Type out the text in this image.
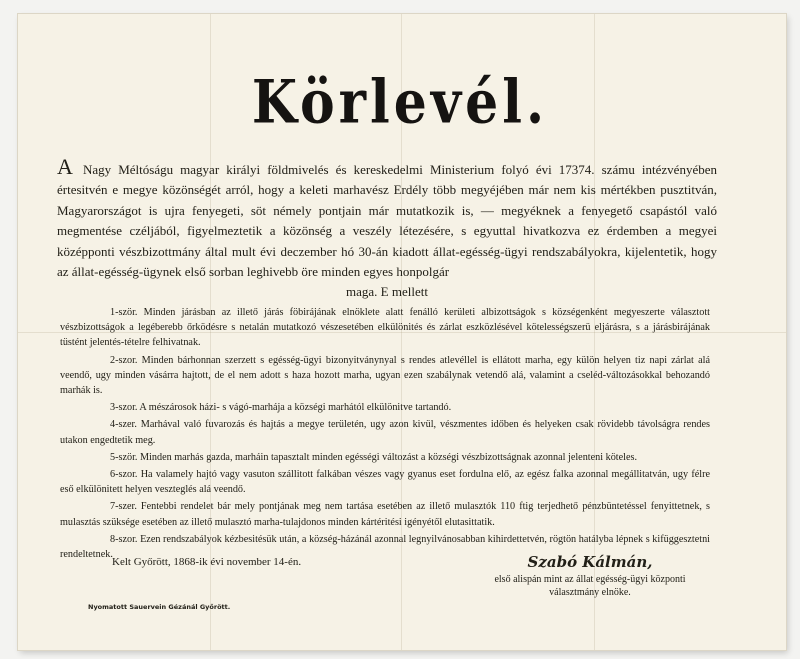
Körlevél.
A Nagy Méltóságu magyar királyi földmivelés és kereskedelmi Ministerium folyó évi 17374. számu intézvényében értesitvén e megye közönségét arról, hogy a keleti marhavész Erdély több megyéjében már nem kis mértékben pusztitván, Magyarországot is ujra fenyegeti, söt némely pontjain már mutatkozik is, — megyéknek a fenyegető csapástól való megmentése czéljából, figyelmeztetik a közönség a veszély létezésére, s egyuttal hivatkozva ez érdemben a megyei középponti vészbizottmány által mult évi deczember hó 30-án kiadott állat-egésség-ügyi rendszabályokra, kijelentetik, hogy az állat-egésség-ügynek első sorban leghivebb öre minden egyes honpolgár
maga. E mellett

1-ször. Minden járásban az illető járás föbirájának elnöklete alatt fenálló kerületi albizottságok s községenként megyeszerte választott vészbizottságok a legéberebb őrködésre s netalán mutatkozó vészesetében elkülönités és zárlat eszközlésével kötelességszerü eljárásra, s a járásbirájának tüstént jelentés-tételre felhivatnak.

2-szor. Minden bárhonnan szerzett s egésség-ügyi bizonyitványnyal s rendes atlevéllel is ellátott marha, egy külön helyen tiz napi zárlat alá veendő, ugy minden vásárra hajtott, de el nem adott s haza hozott marha, ugyan ezen szabálynak vetendő alá, valamint a cseléd-változásokkal behozandó marhák is.

3-szor. A mészárosok házi- s vágó-marhája a községi marhától elkülönitve tartandó.

4-szer. Marhával való fuvarozás és hajtás a megye területén, ugy azon kivül, vészmentes időben és helyeken csak rövidebb távolságra rendes utakon engedtetik meg.

5-ször. Minden marhás gazda, marháin tapasztalt minden egésségi változást a községi vészbizottságnak azonnal jelenteni köteles.

6-szor. Ha valamely hajtó vagy vasuton szállitott falkában vészes vagy gyanus eset fordulna elő, az egész falka azonnal megállitatván, ugy félre eső elkülönitett helyen veszteglés alá veendő.

7-szer. Fentebbi rendelet bár mely pontjának meg nem tartása esetében az illető mulasztók 110 ftig terjedhető pénzbüntetéssel fenyittetnek, s mulasztás szüksége esetében az illető mulasztó marha-tulajdonos minden kártéritési igényétől elutasittatik.

8-szor. Ezen rendszabályok kézbesitésük után, a község-házánál azonnal legnyilvánosabban kihirdettetvén, rögtön hatályba lépnek s kifüggesztetni rendeltetnek.

Kelt Győrött, 1868-ik évi november 14-én.	Szabó Kálmán,
első alispán mint az állat egésség-ügyi központi
választmány elnöke.
Nyomatott Sauervein Gézánál Győrött.
